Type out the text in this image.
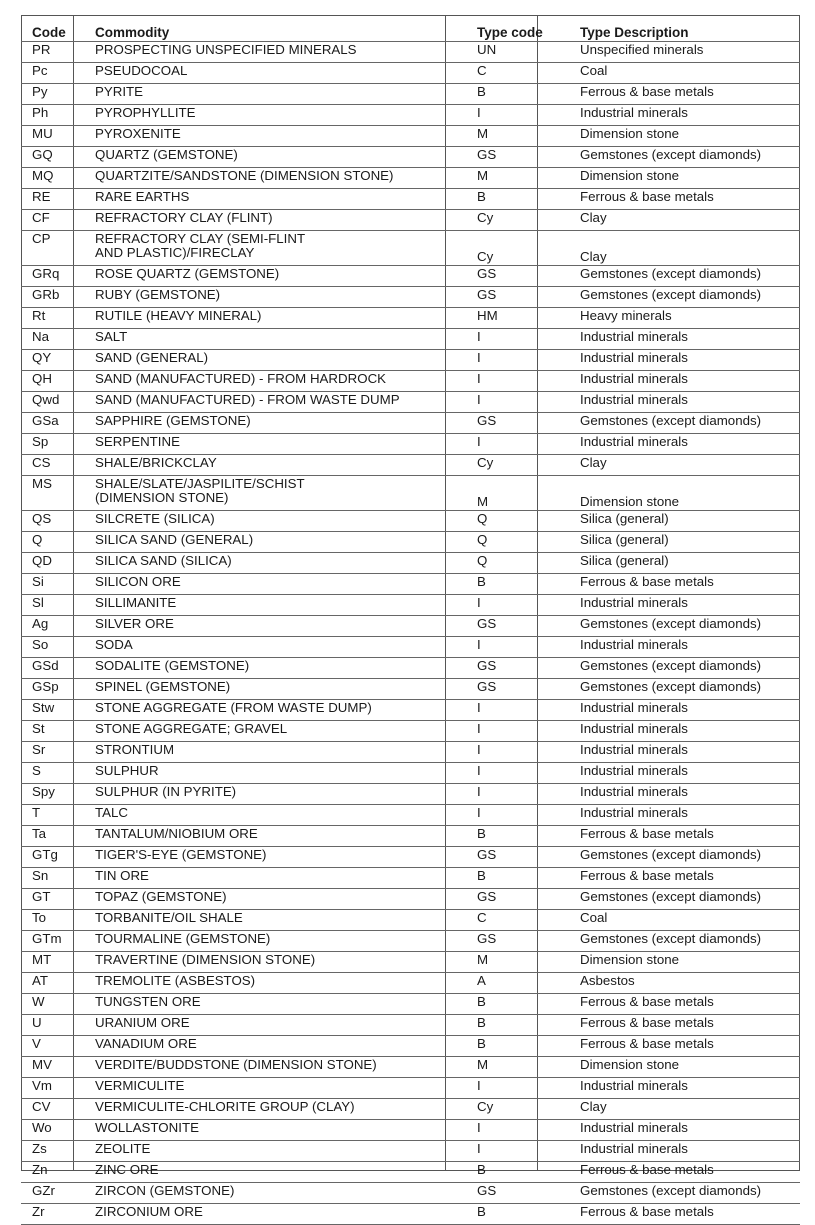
Code	Commodity	Type code	Type Description
PR	PROSPECTING UNSPECIFIED MINERALS	UN	Unspecified minerals
Pc	PSEUDOCOAL	C	Coal
Py	PYRITE	B	Ferrous & base metals
Ph	PYROPHYLLITE	I	Industrial minerals
MU	PYROXENITE	M	Dimension stone
GQ	QUARTZ (GEMSTONE)	GS	Gemstones (except diamonds)
MQ	QUARTZITE/SANDSTONE (DIMENSION STONE)	M	Dimension stone
RE	RARE EARTHS	B	Ferrous & base metals
CF	REFRACTORY CLAY (FLINT)	Cy	Clay
CP	REFRACTORY CLAY (SEMI-FLINT
AND PLASTIC)/FIRECLAY	Cy	Clay
GRq	ROSE QUARTZ (GEMSTONE)	GS	Gemstones (except diamonds)
GRb	RUBY (GEMSTONE)	GS	Gemstones (except diamonds)
Rt	RUTILE (HEAVY MINERAL)	HM	Heavy minerals
Na	SALT	I	Industrial minerals
QY	SAND (GENERAL)	I	Industrial minerals
QH	SAND (MANUFACTURED) - FROM HARDROCK	I	Industrial minerals
Qwd	SAND (MANUFACTURED) - FROM WASTE DUMP	I	Industrial minerals
GSa	SAPPHIRE (GEMSTONE)	GS	Gemstones (except diamonds)
Sp	SERPENTINE	I	Industrial minerals
CS	SHALE/BRICKCLAY	Cy	Clay
MS	SHALE/SLATE/JASPILITE/SCHIST
(DIMENSION STONE)	M	Dimension stone
QS	SILCRETE (SILICA)	Q	Silica (general)
Q	SILICA SAND (GENERAL)	Q	Silica (general)
QD	SILICA SAND (SILICA)	Q	Silica (general)
Si	SILICON ORE	B	Ferrous & base metals
Sl	SILLIMANITE	I	Industrial minerals
Ag	SILVER ORE	GS	Gemstones (except diamonds)
So	SODA	I	Industrial minerals
GSd	SODALITE (GEMSTONE)	GS	Gemstones (except diamonds)
GSp	SPINEL (GEMSTONE)	GS	Gemstones (except diamonds)
Stw	STONE AGGREGATE (FROM WASTE DUMP)	I	Industrial minerals
St	STONE AGGREGATE; GRAVEL	I	Industrial minerals
Sr	STRONTIUM	I	Industrial minerals
S	SULPHUR	I	Industrial minerals
Spy	SULPHUR (IN PYRITE)	I	Industrial minerals
T	TALC	I	Industrial minerals
Ta	TANTALUM/NIOBIUM ORE	B	Ferrous & base metals
GTg	TIGER'S-EYE (GEMSTONE)	GS	Gemstones (except diamonds)
Sn	TIN ORE	B	Ferrous & base metals
GT	TOPAZ (GEMSTONE)	GS	Gemstones (except diamonds)
To	TORBANITE/OIL SHALE	C	Coal
GTm	TOURMALINE (GEMSTONE)	GS	Gemstones (except diamonds)
MT	TRAVERTINE (DIMENSION STONE)	M	Dimension stone
AT	TREMOLITE (ASBESTOS)	A	Asbestos
W	TUNGSTEN ORE	B	Ferrous & base metals
U	URANIUM ORE	B	Ferrous & base metals
V	VANADIUM ORE	B	Ferrous & base metals
MV	VERDITE/BUDDSTONE (DIMENSION STONE)	M	Dimension stone
Vm	VERMICULITE	I	Industrial minerals
CV	VERMICULITE-CHLORITE GROUP (CLAY)	Cy	Clay
Wo	WOLLASTONITE	I	Industrial minerals
Zs	ZEOLITE	I	Industrial minerals
Zn	ZINC ORE	B	Ferrous & base metals
GZr	ZIRCON (GEMSTONE)	GS	Gemstones (except diamonds)
Zr	ZIRCONIUM ORE	B	Ferrous & base metals
